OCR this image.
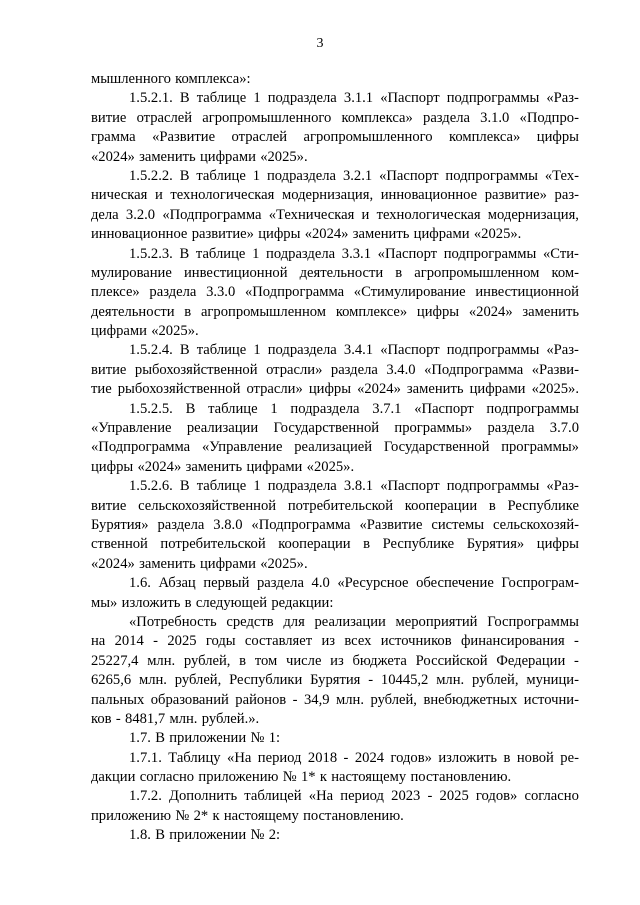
3
мышленного комплекса»:
1.5.2.1. В таблице 1 подраздела 3.1.1 «Паспорт подпрограммы «Раз-
витие отраслей агропромышленного комплекса» раздела 3.1.0 «Подпро-
грамма «Развитие отраслей агропромышленного комплекса» цифры
«2024» заменить цифрами «2025».
1.5.2.2. В таблице 1 подраздела 3.2.1 «Паспорт подпрограммы «Тех-
ническая и технологическая модернизация, инновационное развитие» раз-
дела 3.2.0 «Подпрограмма «Техническая и технологическая модернизация,
инновационное развитие» цифры «2024» заменить цифрами «2025».
1.5.2.3. В таблице 1 подраздела 3.3.1 «Паспорт подпрограммы «Сти-
мулирование инвестиционной деятельности в агропромышленном ком-
плексе» раздела 3.3.0 «Подпрограмма «Стимулирование инвестиционной
деятельности в агропромышленном комплексе» цифры «2024» заменить
цифрами «2025».
1.5.2.4. В таблице 1 подраздела 3.4.1 «Паспорт подпрограммы «Раз-
витие рыбохозяйственной отрасли» раздела 3.4.0 «Подпрограмма «Разви-
тие рыбохозяйственной отрасли» цифры «2024» заменить цифрами «2025».
1.5.2.5. В таблице 1 подраздела 3.7.1 «Паспорт подпрограммы
«Управление реализации Государственной программы» раздела 3.7.0
«Подпрограмма «Управление реализацией Государственной программы»
цифры «2024» заменить цифрами «2025».
1.5.2.6. В таблице 1 подраздела 3.8.1 «Паспорт подпрограммы «Раз-
витие сельскохозяйственной потребительской кооперации в Республике
Бурятия» раздела 3.8.0 «Подпрограмма «Развитие системы сельскохозяй-
ственной потребительской кооперации в Республике Бурятия» цифры
«2024» заменить цифрами «2025».
1.6. Абзац первый раздела 4.0 «Ресурсное обеспечение Госпрограм-
мы» изложить в следующей редакции:
«Потребность средств для реализации мероприятий Госпрограммы
на 2014 - 2025 годы составляет из всех источников финансирования -
25227,4 млн. рублей, в том числе из бюджета Российской Федерации -
6265,6 млн. рублей, Республики Бурятия - 10445,2 млн. рублей, муници-
пальных образований районов - 34,9 млн. рублей, внебюджетных источни-
ков - 8481,7 млн. рублей.».
1.7. В приложении № 1:
1.7.1. Таблицу «На период 2018 - 2024 годов» изложить в новой ре-
дакции согласно приложению № 1* к настоящему постановлению.
1.7.2. Дополнить таблицей «На период 2023 - 2025 годов» согласно
приложению № 2* к настоящему постановлению.
1.8. В приложении № 2:
